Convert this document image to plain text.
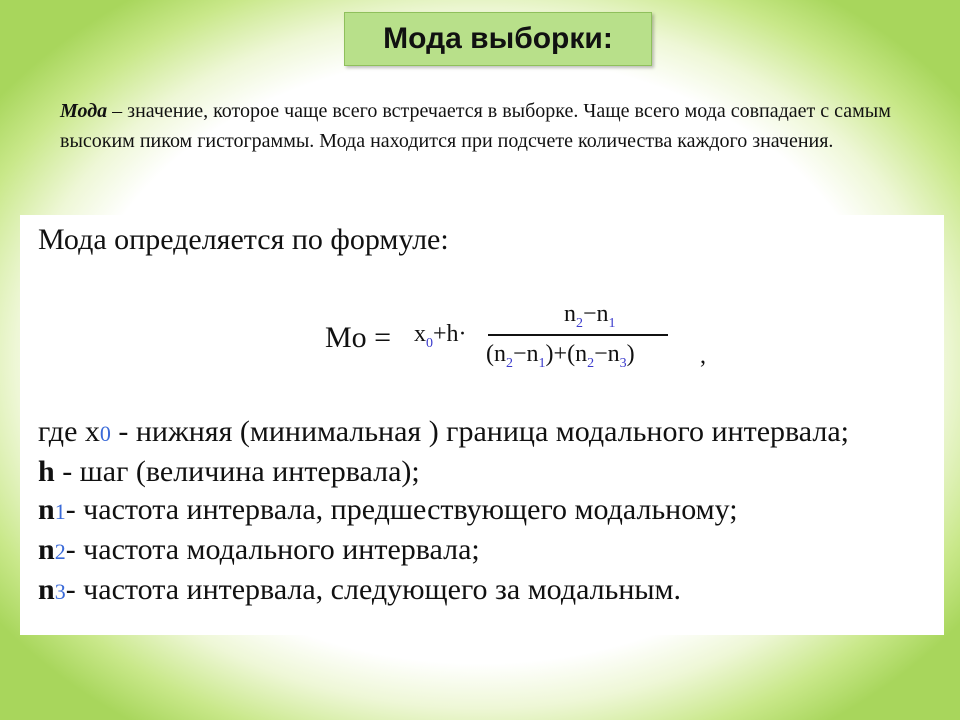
Мода выборки:
Мода – значение, которое чаще всего встречается в выборке. Чаще всего мода совпадает с самым высоким пиком гистограммы. Мода находится при подсчете количества каждого значения.
Мода определяется по формуле:
$Mo = x_0+h\cdot$
$n_2-n_1$
$(n_2-n_1)+(n_2-n_3)$	,
где x0 - нижняя (минимальная ) граница модального интервала;
h - шаг (величина интервала);
n1- частота интервала, предшествующего модальному;
n2- частота модального интервала;
n3- частота интервала, следующего за модальным.
